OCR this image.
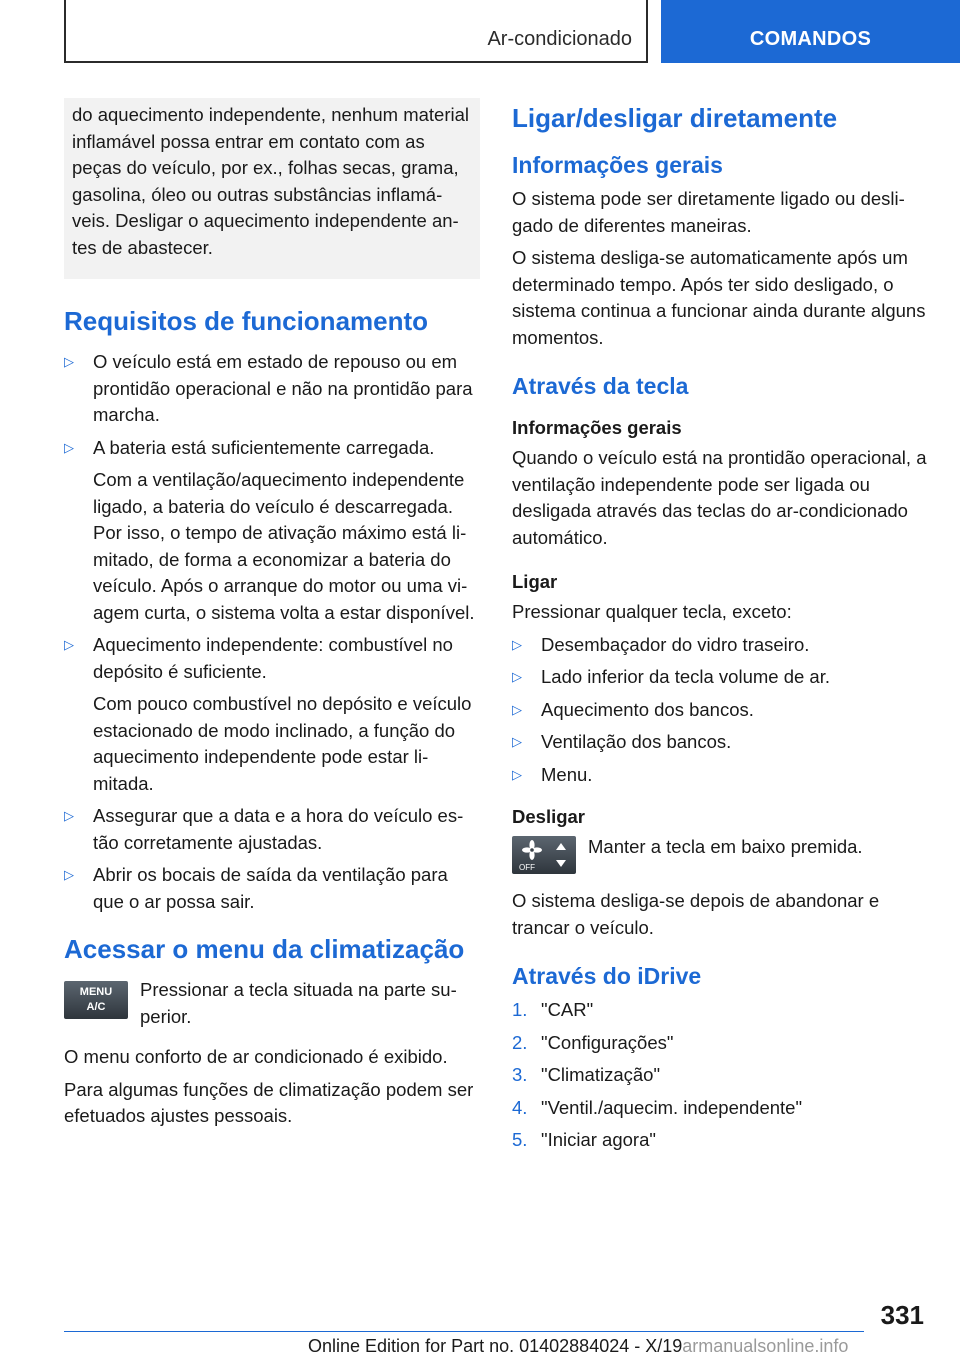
Ar-condicionado	COMANDOS
do aquecimento independente, nenhum material inflamável possa entrar em contato com as peças do veículo, por ex., folhas secas, grama, gasolina, óleo ou outras substâncias inflamáveis. Desligar o aquecimento independente antes de abastecer.
Requisitos de funcionamento
▷ O veículo está em estado de repouso ou em prontidão operacional e não na prontidão para marcha.
▷ A bateria está suficientemente carregada.
Com a ventilação/aquecimento independente ligado, a bateria do veículo é descarregada. Por isso, o tempo de ativação máximo está limitado, de forma a economizar a bateria do veículo. Após o arranque do motor ou uma viagem curta, o sistema volta a estar disponível.
▷ Aquecimento independente: combustível no depósito é suficiente.
Com pouco combustível no depósito e veículo estacionado de modo inclinado, a função do aquecimento independente pode estar limitada.
▷ Assegurar que a data e a hora do veículo estão corretamente ajustadas.
▷ Abrir os bocais de saída da ventilação para que o ar possa sair.
Acessar o menu da climatização
MENU
A/C
Pressionar a tecla situada na parte superior.

O menu conforto de ar condicionado é exibido.

Para algumas funções de climatização podem ser efetuados ajustes pessoais.

Ligar/desligar diretamente
Informações gerais

O sistema pode ser diretamente ligado ou desligado de diferentes maneiras.

O sistema desliga-se automaticamente após um determinado tempo. Após ter sido desligado, o sistema continua a funcionar ainda durante alguns momentos.

Através da tecla
Informações gerais

Quando o veículo está na prontidão operacional, a ventilação independente pode ser ligada ou desligada através das teclas do ar-condicionado automático.

Ligar

Pressionar qualquer tecla, exceto:

▷ Desembaçador do vidro traseiro.
▷ Lado inferior da tecla volume de ar.
▷ Aquecimento dos bancos.
▷ Ventilação dos bancos.
▷ Menu.
Desligar
OFF
Manter a tecla em baixo premida.

O sistema desliga-se depois de abandonar e trancar o veículo.

Através do iDrive
1. "CAR"
2. "Configurações"
3. "Climatização"
4. "Ventil./aquecim. independente"
5. "Iniciar agora"
331
Online Edition for Part no. 01402884024 - X/19armanualsonline.info
